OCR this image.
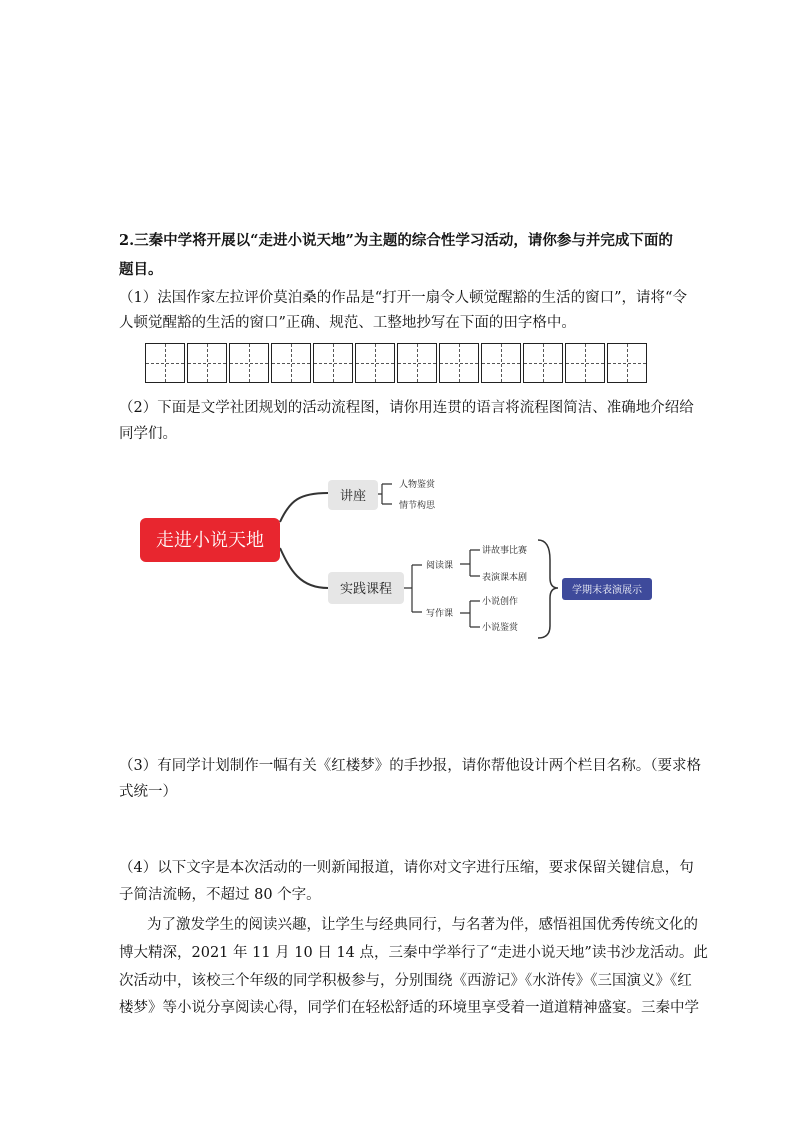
2.三秦中学将开展以“走进小说天地”为主题的综合性学习活动，请你参与并完成下面的
题目。
（1）法国作家左拉评价莫泊桑的作品是“打开一扇令人顿觉醒豁的生活的窗口”，请将“令
人顿觉醒豁的生活的窗口”正确、规范、工整地抄写在下面的田字格中。
（2）下面是文学社团规划的活动流程图，请你用连贯的语言将流程图简洁、准确地介绍给
同学们。
走进小说天地
讲座
人物鉴赏
情节构思
实践课程
阅读课
讲故事比赛
表演课本剧
写作课
小说创作
小说鉴赏
学期末表演展示
（3）有同学计划制作一幅有关《红楼梦》的手抄报，请你帮他设计两个栏目名称。（要求格
式统一）
（4）以下文字是本次活动的一则新闻报道，请你对文字进行压缩，要求保留关键信息，句
子简洁流畅，不超过 80 个字。
为了激发学生的阅读兴趣，让学生与经典同行，与名著为伴，感悟祖国优秀传统文化的
博大精深，2021 年 11 月 10 日 14 点，三秦中学举行了“走进小说天地”读书沙龙活动。此
次活动中，该校三个年级的同学积极参与，分别围绕《西游记》《水浒传》《三国演义》《红
楼梦》等小说分享阅读心得，同学们在轻松舒适的环境里享受着一道道精神盛宴。三秦中学
